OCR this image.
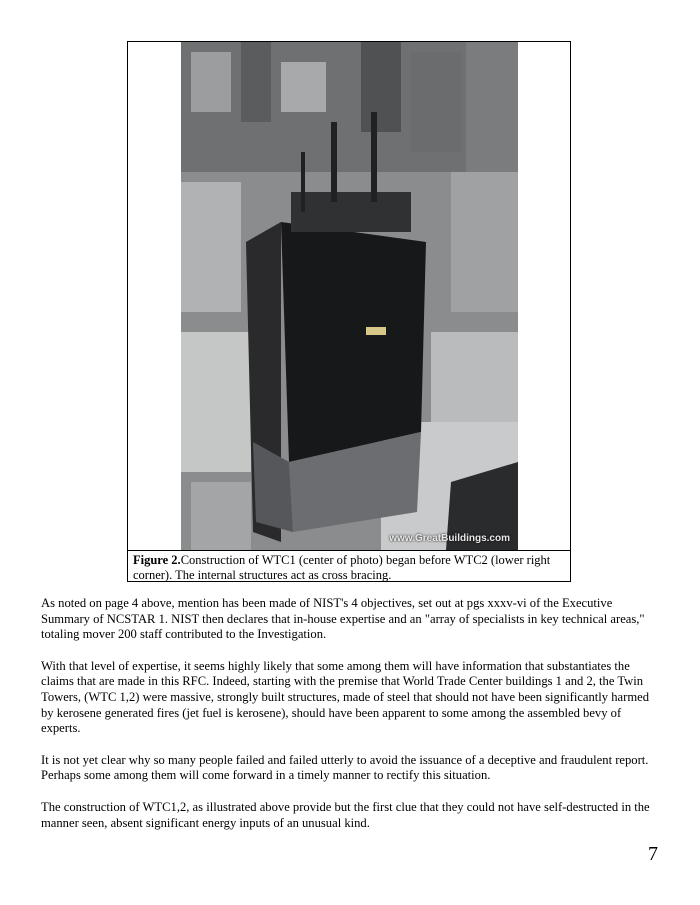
www.GreatBuildings.com
Figure 2.Construction of WTC1 (center of photo) began before WTC2 (lower right corner). The internal structures act as cross bracing.

As noted on page 4 above, mention has been made of NIST's 4 objectives, set out at pgs xxxv-vi of the Executive Summary of NCSTAR 1. NIST then declares that in-house expertise and an "array of specialists in key technical areas," totaling mover 200 staff contributed to the Investigation.

With that level of expertise, it seems highly likely that some among them will have information that substantiates the claims that are made in this RFC. Indeed, starting with the premise that World Trade Center buildings 1 and 2, the Twin Towers, (WTC 1,2) were massive, strongly built structures, made of steel that should not have been significantly harmed by kerosene generated fires (jet fuel is kerosene), should have been apparent to some among the assembled bevy of experts.

It is not yet clear why so many people failed and failed utterly to avoid the issuance of a deceptive and fraudulent report. Perhaps some among them will come forward in a timely manner to rectify this situation.

The construction of WTC1,2, as illustrated above provide but the first clue that they could not have self-destructed in the manner seen, absent significant energy inputs of an unusual kind.

7
